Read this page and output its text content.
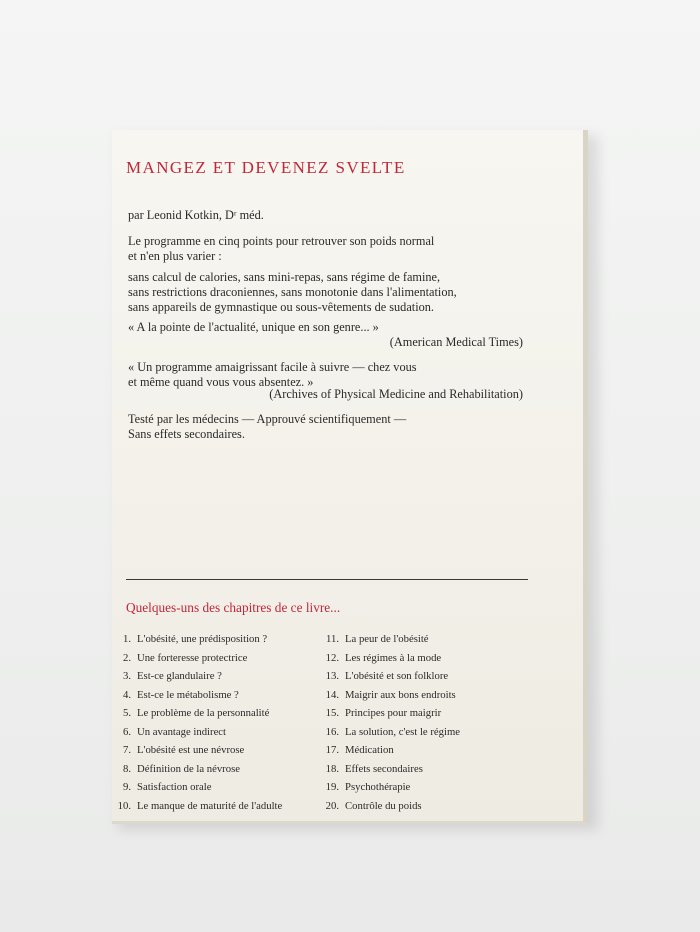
MANGEZ ET DEVENEZ SVELTE
par Leonid Kotkin, Dʳ méd.
Le programme en cinq points pour retrouver son poids normal
et n'en plus varier :
sans calcul de calories, sans mini-repas, sans régime de famine,
sans restrictions draconiennes, sans monotonie dans l'alimentation,
sans appareils de gymnastique ou sous-vêtements de sudation.
« A la pointe de l'actualité, unique en son genre... »
(American Medical Times)
« Un programme amaigrissant facile à suivre — chez vous
et même quand vous vous absentez. »
(Archives of Physical Medicine and Rehabilitation)
Testé par les médecins — Approuvé scientifiquement —
Sans effets secondaires.
Quelques-uns des chapitres de ce livre...
1. L'obésité, une prédisposition ?
2. Une forteresse protectrice
3. Est-ce glandulaire ?
4. Est-ce le métabolisme ?
5. Le problème de la personnalité
6. Un avantage indirect
7. L'obésité est une névrose
8. Définition de la névrose
9. Satisfaction orale
10. Le manque de maturité de l'adulte
11. La peur de l'obésité
12. Les régimes à la mode
13. L'obésité et son folklore
14. Maigrir aux bons endroits
15. Principes pour maigrir
16. La solution, c'est le régime
17. Médication
18. Effets secondaires
19. Psychothérapie
20. Contrôle du poids
